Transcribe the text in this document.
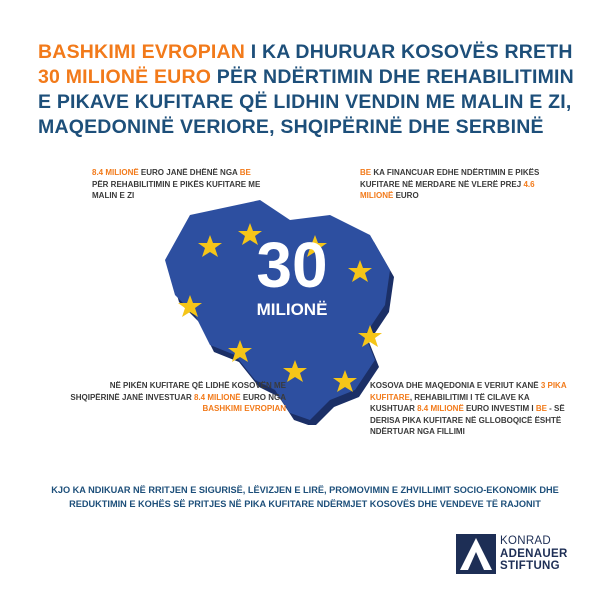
BASHKIMI EVROPIAN I KA DHURUAR KOSOVËS RRETH 30 MILIONË EURO PËR NDËRTIMIN DHE REHABILITIMIN E PIKAVE KUFITARE QË LIDHIN VENDIN ME MALIN E ZI, MAQEDONINË VERIORE, SHQIPËRINË DHE SERBINË
8.4 MILIONË EURO JANË DHËNË NGA BE PËR REHABILITIMIN E PIKËS KUFITARE ME MALIN E ZI
BE KA FINANCUAR EDHE NDËRTIMIN E PIKËS KUFITARE NË MERDARE NË VLERË PREJ 4.6 MILIONË EURO
30
MILIONË
NË PIKËN KUFITARE QË LIDHË KOSOVËN ME SHQIPËRINË JANË INVESTUAR 8.4 MILIONË EURO NGA BASHKIMI EVROPIAN
KOSOVA DHE MAQEDONIA E VERIUT KANË 3 PIKA KUFITARE, REHABILITIMI I TË CILAVE KA KUSHTUAR 8.4 MILIONË EURO INVESTIM I BE - SË DERISA PIKA KUFITARE NË GLLOBOQICË ËSHTË NDËRTUAR NGA FILLIMI
KJO KA NDIKUAR NË RRITJEN E SIGURISË, LËVIZJEN E LIRË, PROMOVIMIN E ZHVILLIMIT SOCIO-EKONOMIK DHE REDUKTIMIN E KOHËS SË PRITJES NË PIKA KUFITARE NDËRMJET KOSOVËS DHE VENDEVE TË RAJONIT
KONRAD
ADENAUER
STIFTUNG
